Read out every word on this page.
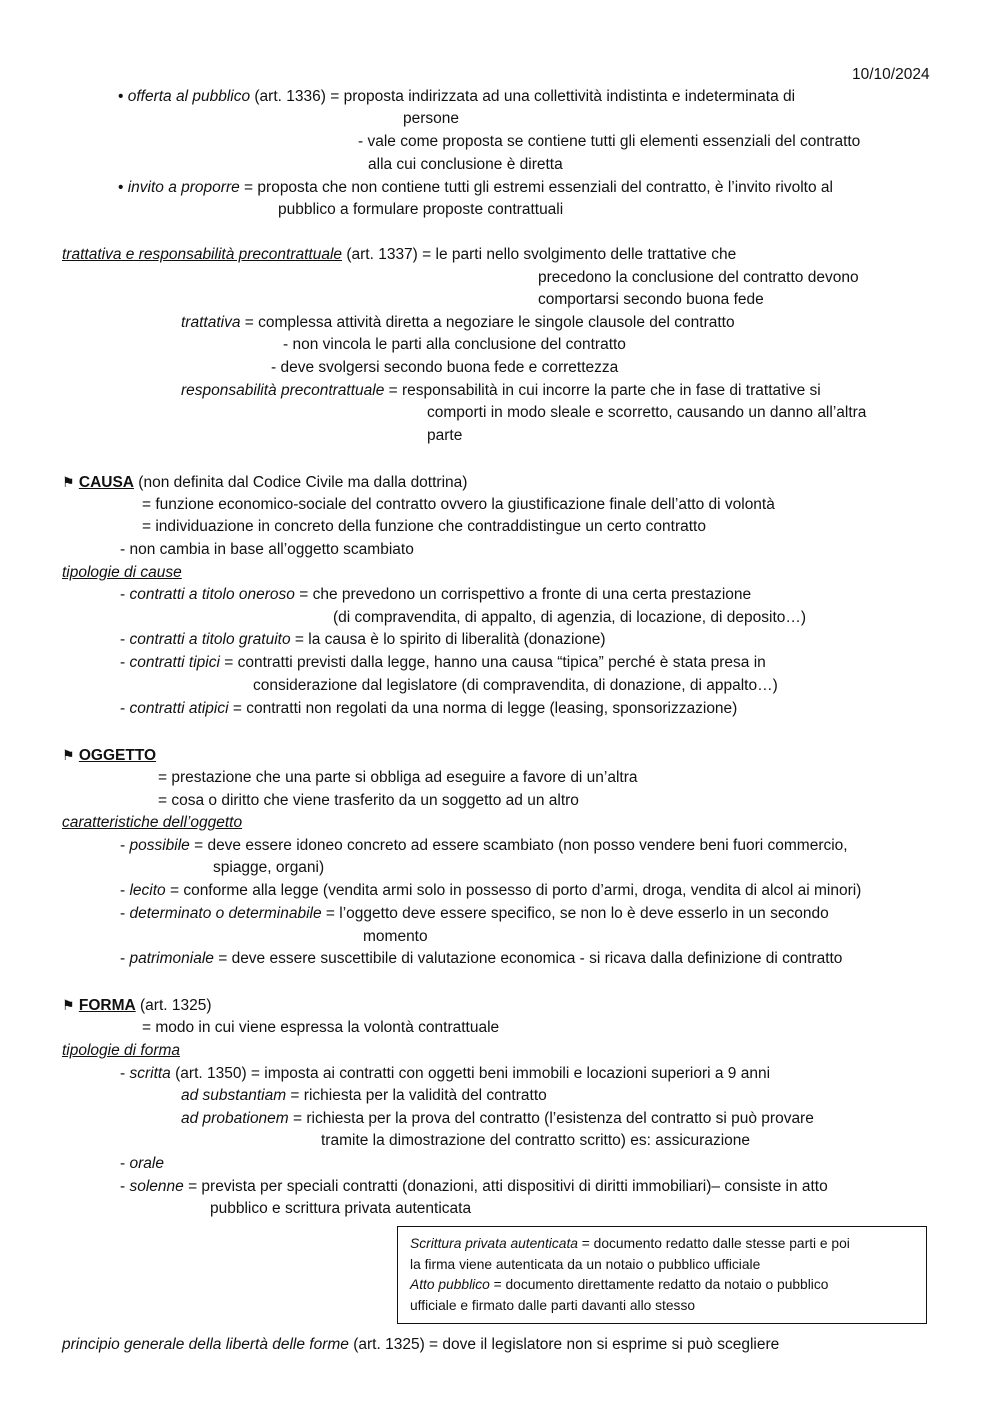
10/10/2024
• offerta al pubblico (art. 1336) = proposta indirizzata ad una collettività indistinta e indeterminata di
persone
- vale come proposta se contiene tutti gli elementi essenziali del contratto
alla cui conclusione è diretta
• invito a proporre = proposta che non contiene tutti gli estremi essenziali del contratto, è l’invito rivolto al
pubblico a formulare proposte contrattuali
trattativa e responsabilità precontrattuale (art. 1337) = le parti nello svolgimento delle trattative che
precedono la conclusione del contratto devono
comportarsi secondo buona fede
trattativa = complessa attività diretta a negoziare le singole clausole del contratto
- non vincola le parti alla conclusione del contratto
- deve svolgersi secondo buona fede e correttezza
responsabilità precontrattuale = responsabilità in cui incorre la parte che in fase di trattative si
comporti in modo sleale e scorretto, causando un danno all’altra
parte
⚑ CAUSA (non definita dal Codice Civile ma dalla dottrina)
= funzione economico-sociale del contratto ovvero la giustificazione finale dell’atto di volontà
= individuazione in concreto della funzione che contraddistingue un certo contratto
- non cambia in base all’oggetto scambiato
tipologie di cause
- contratti a titolo oneroso = che prevedono un corrispettivo a fronte di una certa prestazione
(di compravendita, di appalto, di agenzia, di locazione, di deposito…)
- contratti a titolo gratuito = la causa è lo spirito di liberalità (donazione)
- contratti tipici = contratti previsti dalla legge, hanno una causa “tipica” perché è stata presa in
considerazione dal legislatore (di compravendita, di donazione, di appalto…)
- contratti atipici = contratti non regolati da una norma di legge (leasing, sponsorizzazione)
⚑ OGGETTO
= prestazione che una parte si obbliga ad eseguire a favore di un’altra
= cosa o diritto che viene trasferito da un soggetto ad un altro
caratteristiche dell’oggetto
- possibile = deve essere idoneo concreto ad essere scambiato (non posso vendere beni fuori commercio,
spiagge, organi)
- lecito = conforme alla legge (vendita armi solo in possesso di porto d’armi, droga, vendita di alcol ai minori)
- determinato o determinabile = l’oggetto deve essere specifico, se non lo è deve esserlo in un secondo
momento
- patrimoniale = deve essere suscettibile di valutazione economica - si ricava dalla definizione di contratto
⚑ FORMA (art. 1325)
= modo in cui viene espressa la volontà contrattuale
tipologie di forma
- scritta (art. 1350) = imposta ai contratti con oggetti beni immobili e locazioni superiori a 9 anni
ad substantiam = richiesta per la validità del contratto
ad probationem = richiesta per la prova del contratto (l’esistenza del contratto si può provare
tramite la dimostrazione del contratto scritto) es: assicurazione
- orale
- solenne = prevista per speciali contratti (donazioni, atti dispositivi di diritti immobiliari)– consiste in atto
pubblico e scrittura privata autenticata
Scrittura privata autenticata = documento redatto dalle stesse parti e poi
la firma viene autenticata da un notaio o pubblico ufficiale
Atto pubblico = documento direttamente redatto da notaio o pubblico
ufficiale e firmato dalle parti davanti allo stesso
principio generale della libertà delle forme (art. 1325) = dove il legislatore non si esprime si può scegliere
